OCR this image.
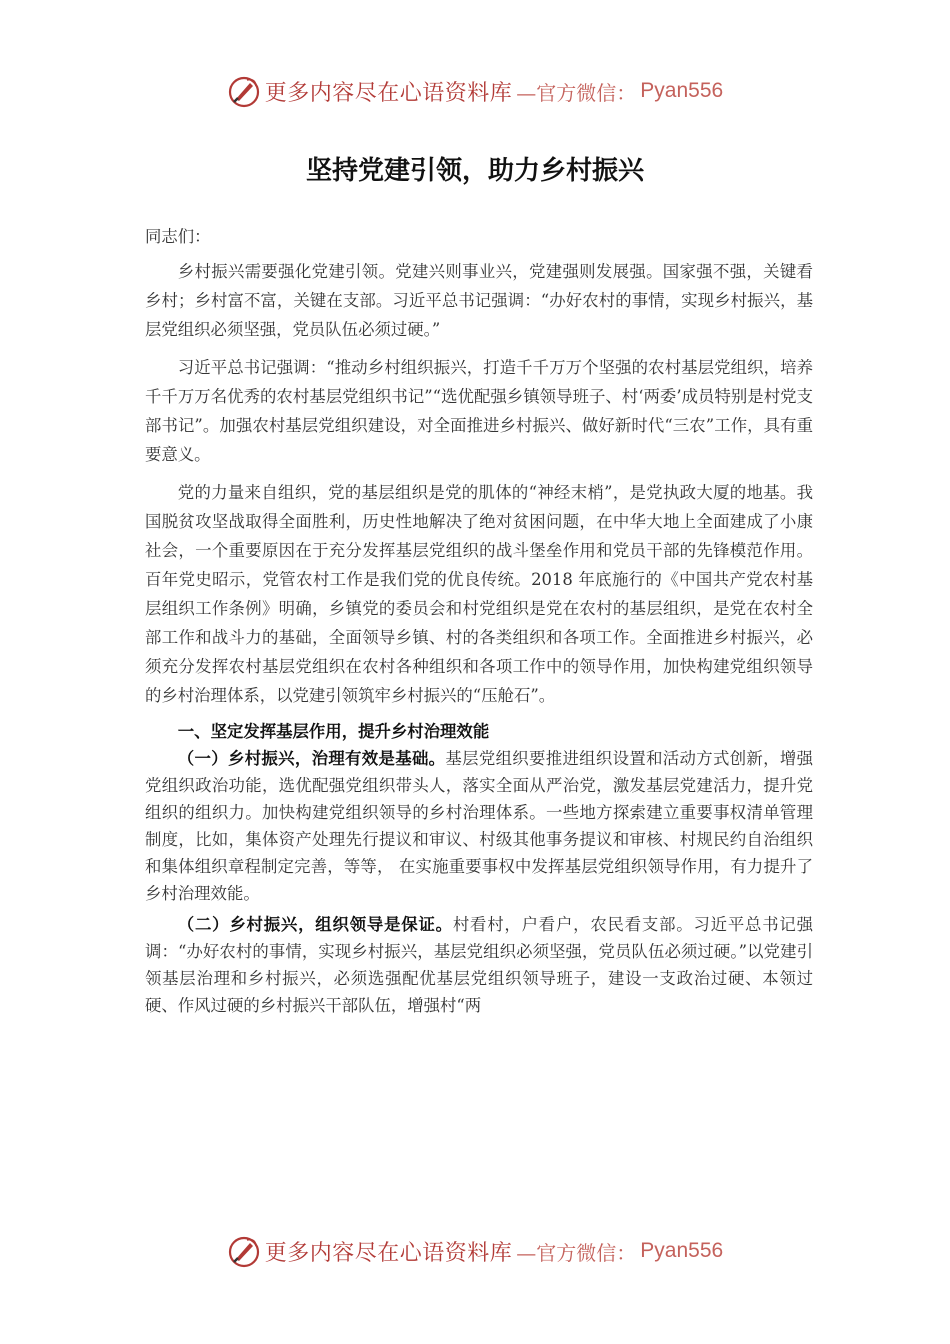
更多内容尽在心语资料库 —官方微信： Pyan556
坚持党建引领，助力乡村振兴

同志们：

乡村振兴需要强化党建引领。党建兴则事业兴，党建强则发展强。国家强不强，关键看乡村；乡村富不富，关键在支部。习近平总书记强调：“办好农村的事情，实现乡村振兴，基层党组织必须坚强，党员队伍必须过硬。”

习近平总书记强调：“推动乡村组织振兴，打造千千万万个坚强的农村基层党组织，培养千千万万名优秀的农村基层党组织书记”“选优配强乡镇领导班子、村‘两委’成员特别是村党支部书记”。加强农村基层党组织建设，对全面推进乡村振兴、做好新时代“三农”工作，具有重要意义。

党的力量来自组织，党的基层组织是党的肌体的“神经末梢”，是党执政大厦的地基。我国脱贫攻坚战取得全面胜利，历史性地解决了绝对贫困问题，在中华大地上全面建成了小康社会，一个重要原因在于充分发挥基层党组织的战斗堡垒作用和党员干部的先锋模范作用。百年党史昭示，党管农村工作是我们党的优良传统。2018 年底施行的《中国共产党农村基层组织工作条例》明确，乡镇党的委员会和村党组织是党在农村的基层组织，是党在农村全部工作和战斗力的基础，全面领导乡镇、村的各类组织和各项工作。全面推进乡村振兴，必须充分发挥农村基层党组织在农村各种组织和各项工作中的领导作用，加快构建党组织领导的乡村治理体系，以党建引领筑牢乡村振兴的“压舱石”。

一、坚定发挥基层作用，提升乡村治理效能

（一）乡村振兴，治理有效是基础。基层党组织要推进组织设置和活动方式创新，增强党组织政治功能，选优配强党组织带头人，落实全面从严治党，激发基层党建活力，提升党组织的组织力。加快构建党组织领导的乡村治理体系。一些地方探索建立重要事权清单管理制度，比如，集体资产处理先行提议和审议、村级其他事务提议和审核、村规民约自治组织和集体组织章程制定完善，等等， 在实施重要事权中发挥基层党组织领导作用，有力提升了乡村治理效能。

（二）乡村振兴，组织领导是保证。村看村，户看户，农民看支部。习近平总书记强调：“办好农村的事情，实现乡村振兴，基层党组织必须坚强，党员队伍必须过硬。”以党建引领基层治理和乡村振兴，必须选强配优基层党组织领导班子，建设一支政治过硬、本领过硬、作风过硬的乡村振兴干部队伍，增强村“两

更多内容尽在心语资料库 —官方微信： Pyan556
